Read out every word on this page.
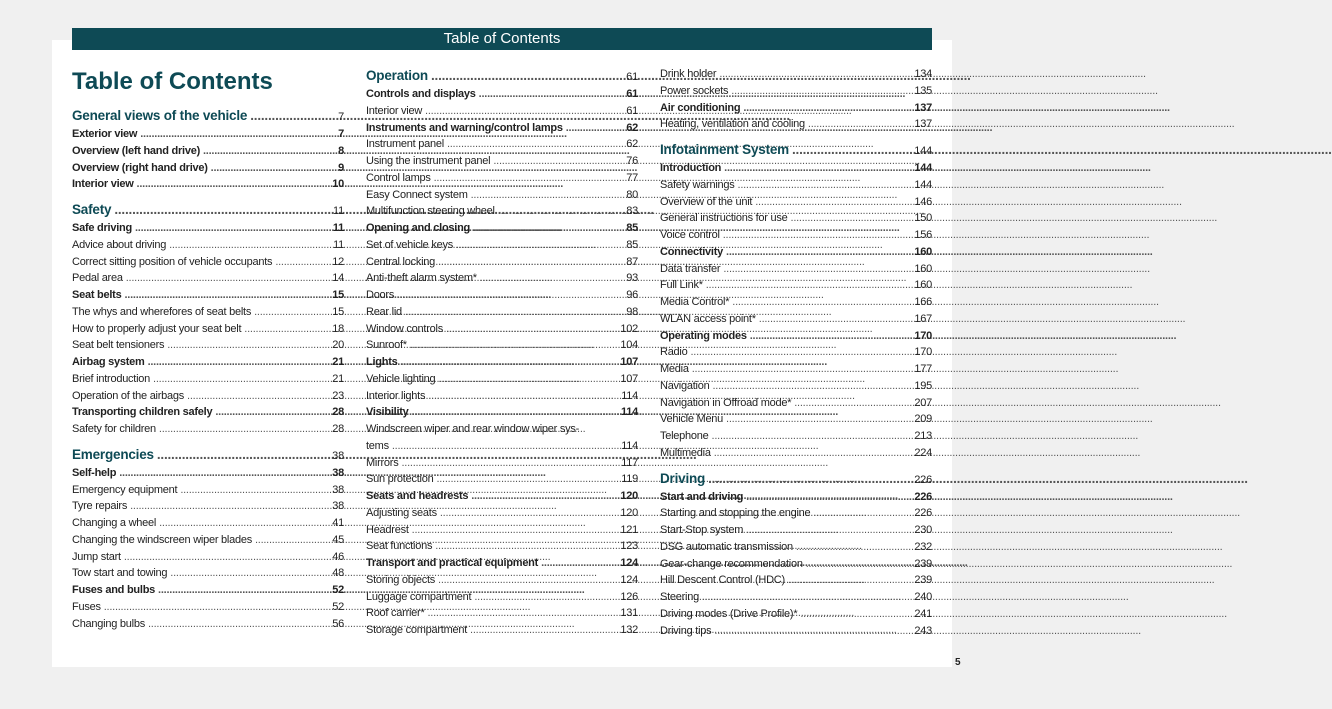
Table of Contents
Table of Contents
General views of the vehicle .....	7
Exterior view .....	7
Overview (left hand drive) .....	8
Overview (right hand drive) .....	9
Interior view .....	10
Safety .....	11
Safe driving .....	11
Advice about driving .....	11
Correct sitting position of vehicle occupants .....	12
Pedal area .....	14
Seat belts .....	15
The whys and wherefores of seat belts .....	15
How to properly adjust your seat belt .....	18
Seat belt tensioners .....	20
Airbag system .....	21
Brief introduction .....	21
Operation of the airbags .....	23
Transporting children safely .....	28
Safety for children .....	28
Emergencies .....	38
Self-help .....	38
Emergency equipment .....	38
Tyre repairs .....	38
Changing a wheel .....	41
Changing the windscreen wiper blades .....	45
Jump start .....	46
Tow start and towing .....	48
Fuses and bulbs .....	52
Fuses .....	52
Changing bulbs .....	56
Operation .....	61
Controls and displays .....	61
Interior view .....	61
Instruments and warning/control lamps .....	62
Instrument panel .....	62
Using the instrument panel .....	76
Control lamps .....	77
Easy Connect system .....	80
Multifunction steering wheel .....	83
Opening and closing .....	85
Set of vehicle keys .....	85
Central locking .....	87
Anti-theft alarm system* .....	93
Doors .....	96
Rear lid .....	98
Window controls .....	102
Sunroof* .....	104
Lights .....	107
Vehicle lighting .....	107
Interior lights .....	114
Visibility .....	114
Windscreen wiper and rear window wiper sys-
tems .....	114
Mirrors .....	117
Sun protection .....	119
Seats and headrests .....	120
Adjusting seats .....	120
Headrest .....	121
Seat functions .....	123
Transport and practical equipment .....	124
Storing objects .....	124
Luggage compartment .....	126
Roof carrier* .....	131
Storage compartment .....	132
Drink holder .....	134
Power sockets .....	135
Air conditioning .....	137
Heating, ventilation and cooling .....	137
Infotainment System .....	144
Introduction .....	144
Safety warnings .....	144
Overview of the unit .....	146
General instructions for use .....	150
Voice control .....	156
Connectivity .....	160
Data transfer .....	160
Full Link* .....	160
Media Control* .....	166
WLAN access point* .....	167
Operating modes .....	170
Radio .....	170
Media .....	177
Navigation .....	195
Navigation in Offroad mode* .....	207
Vehicle Menu .....	209
Telephone .....	213
Multimedia .....	224
Driving .....	226
Start and driving .....	226
Starting and stopping the engine .....	226
Start-Stop system .....	230
DSG automatic transmission .....	232
Gear-change recommendation .....	239
Hill Descent Control (HDC) .....	239
Steering .....	240
Driving modes (Drive Profile)* .....	241
Driving tips .....	243
5
